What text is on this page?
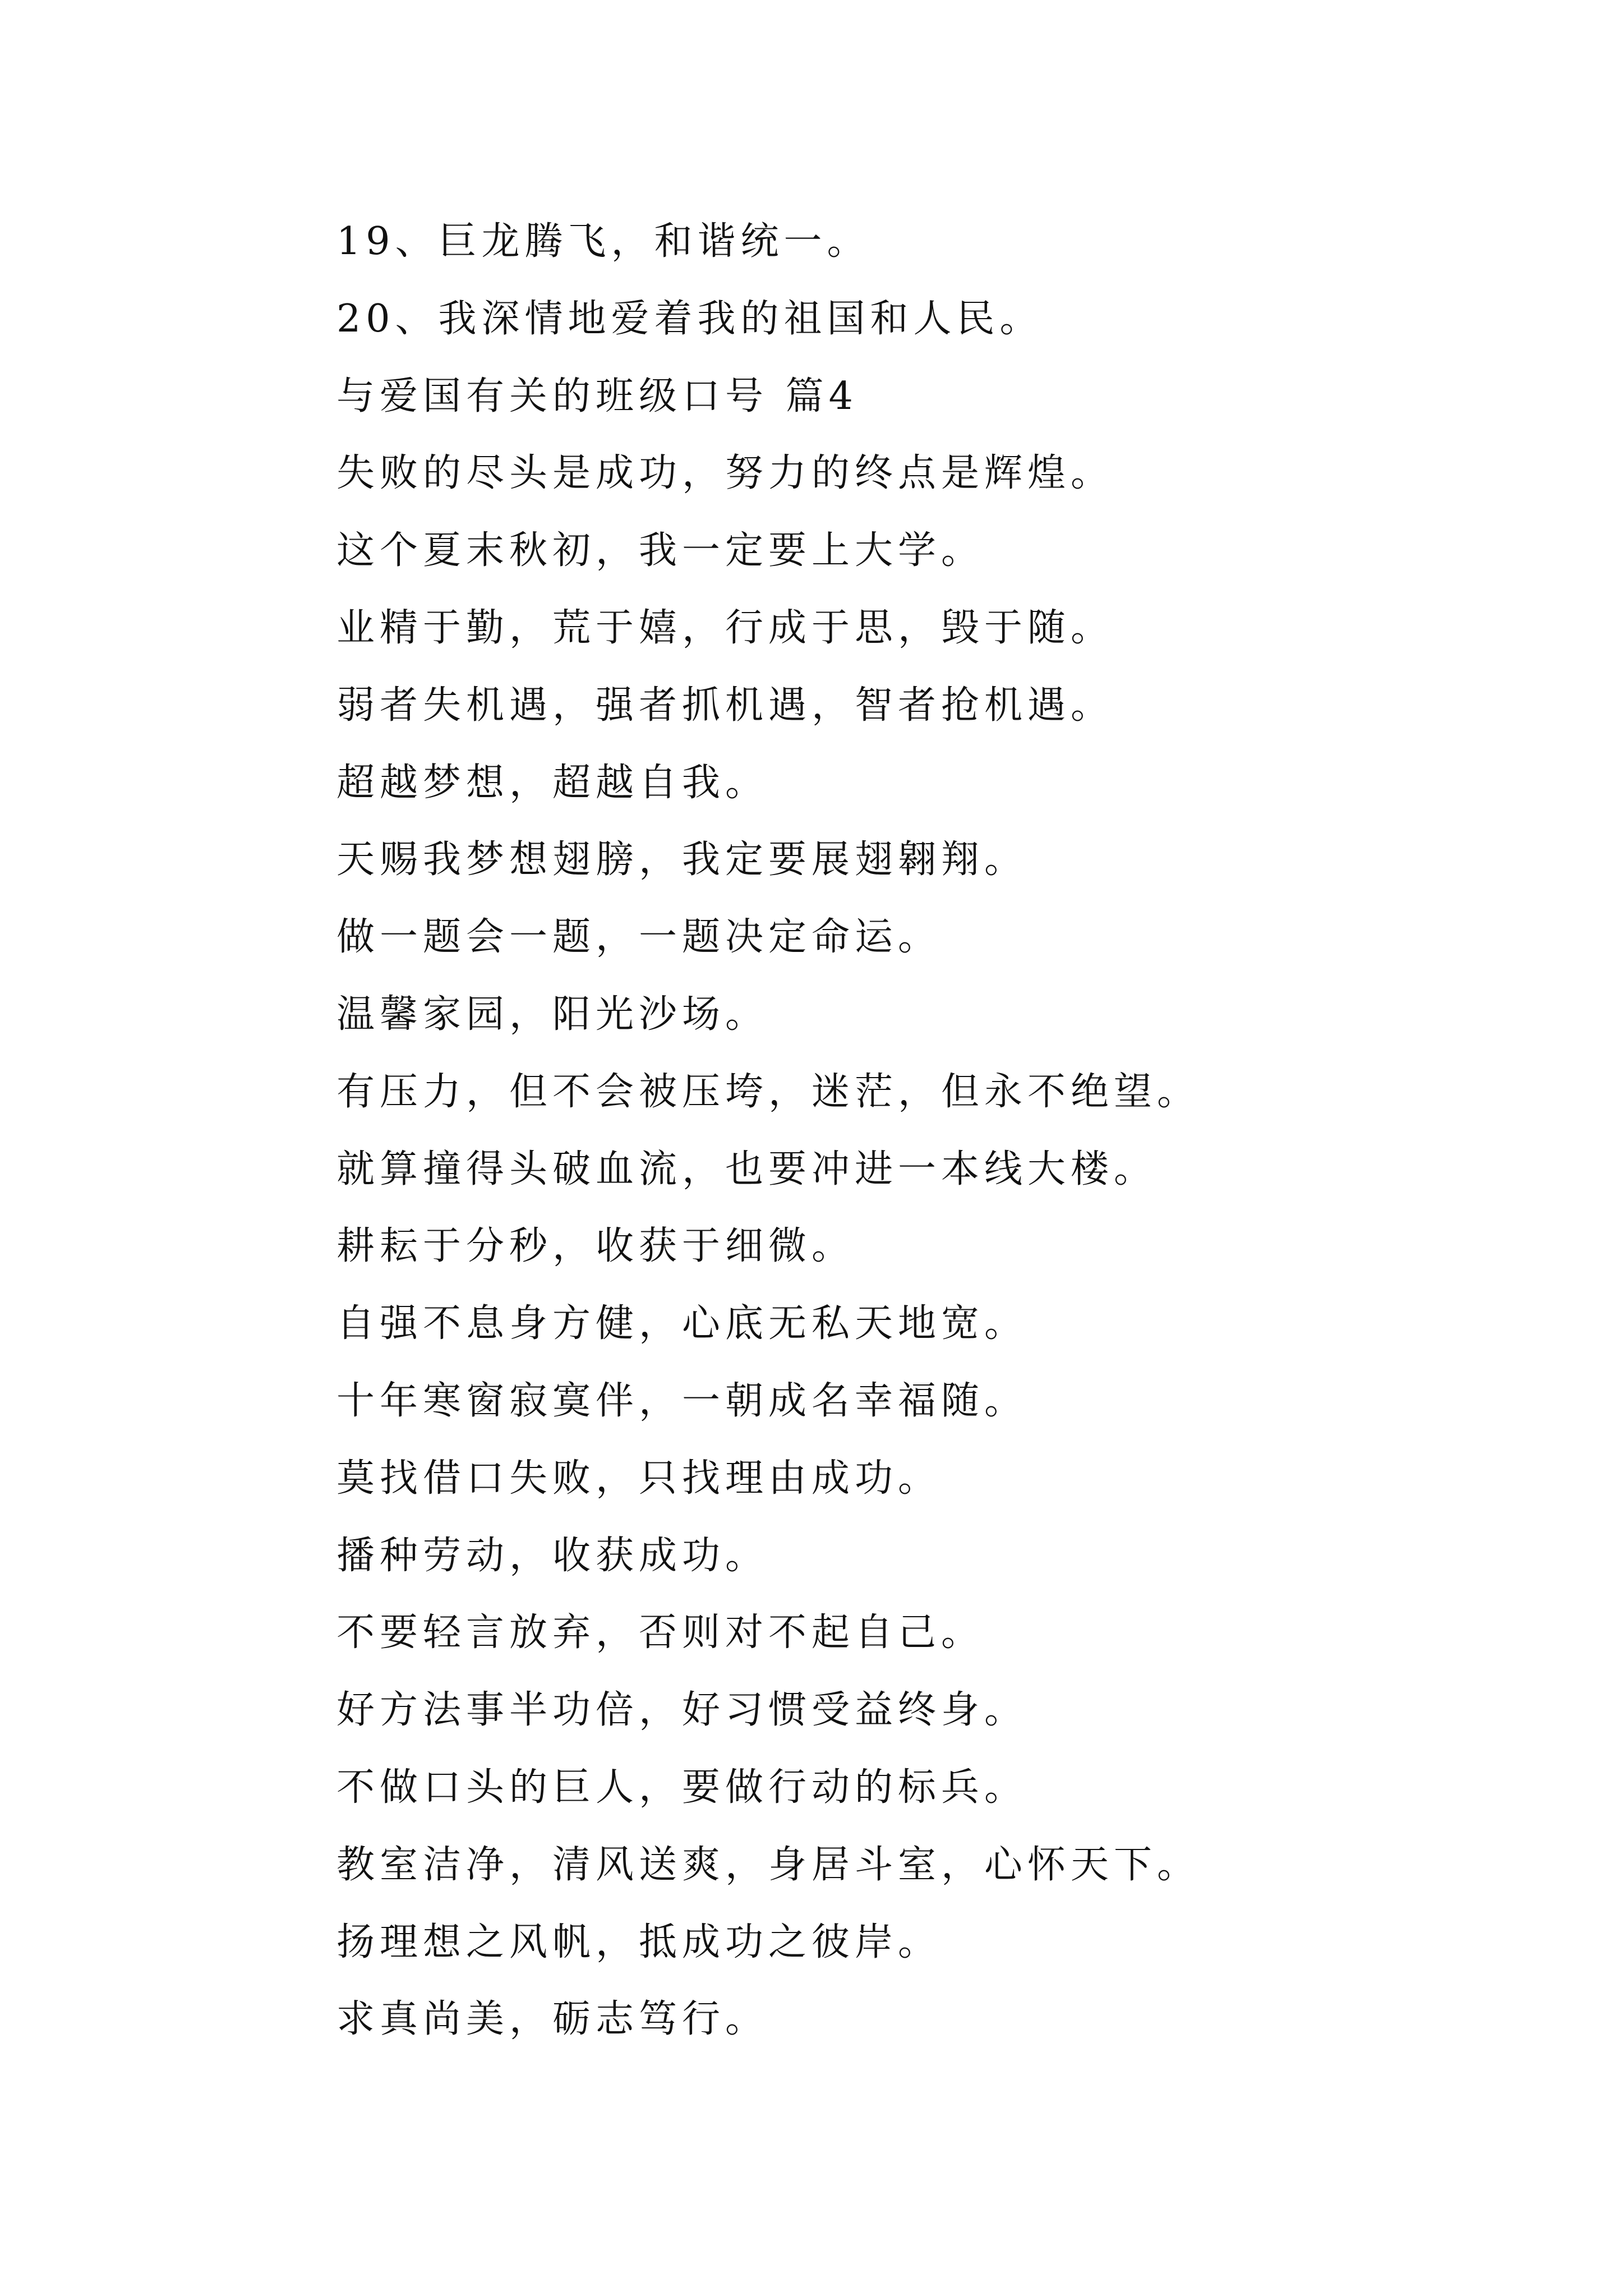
19、巨龙腾飞，和谐统一。
20、我深情地爱着我的祖国和人民。
与爱国有关的班级口号 篇4
失败的尽头是成功，努力的终点是辉煌。
这个夏末秋初，我一定要上大学。
业精于勤，荒于嬉，行成于思，毁于随。
弱者失机遇，强者抓机遇，智者抢机遇。
超越梦想，超越自我。
天赐我梦想翅膀，我定要展翅翱翔。
做一题会一题，一题决定命运。
温馨家园，阳光沙场。
有压力，但不会被压垮，迷茫，但永不绝望。
就算撞得头破血流，也要冲进一本线大楼。
耕耘于分秒，收获于细微。
自强不息身方健，心底无私天地宽。
十年寒窗寂寞伴，一朝成名幸福随。
莫找借口失败，只找理由成功。
播种劳动，收获成功。
不要轻言放弃，否则对不起自己。
好方法事半功倍，好习惯受益终身。
不做口头的巨人，要做行动的标兵。
教室洁净，清风送爽，身居斗室，心怀天下。
扬理想之风帆，抵成功之彼岸。
求真尚美，砺志笃行。
